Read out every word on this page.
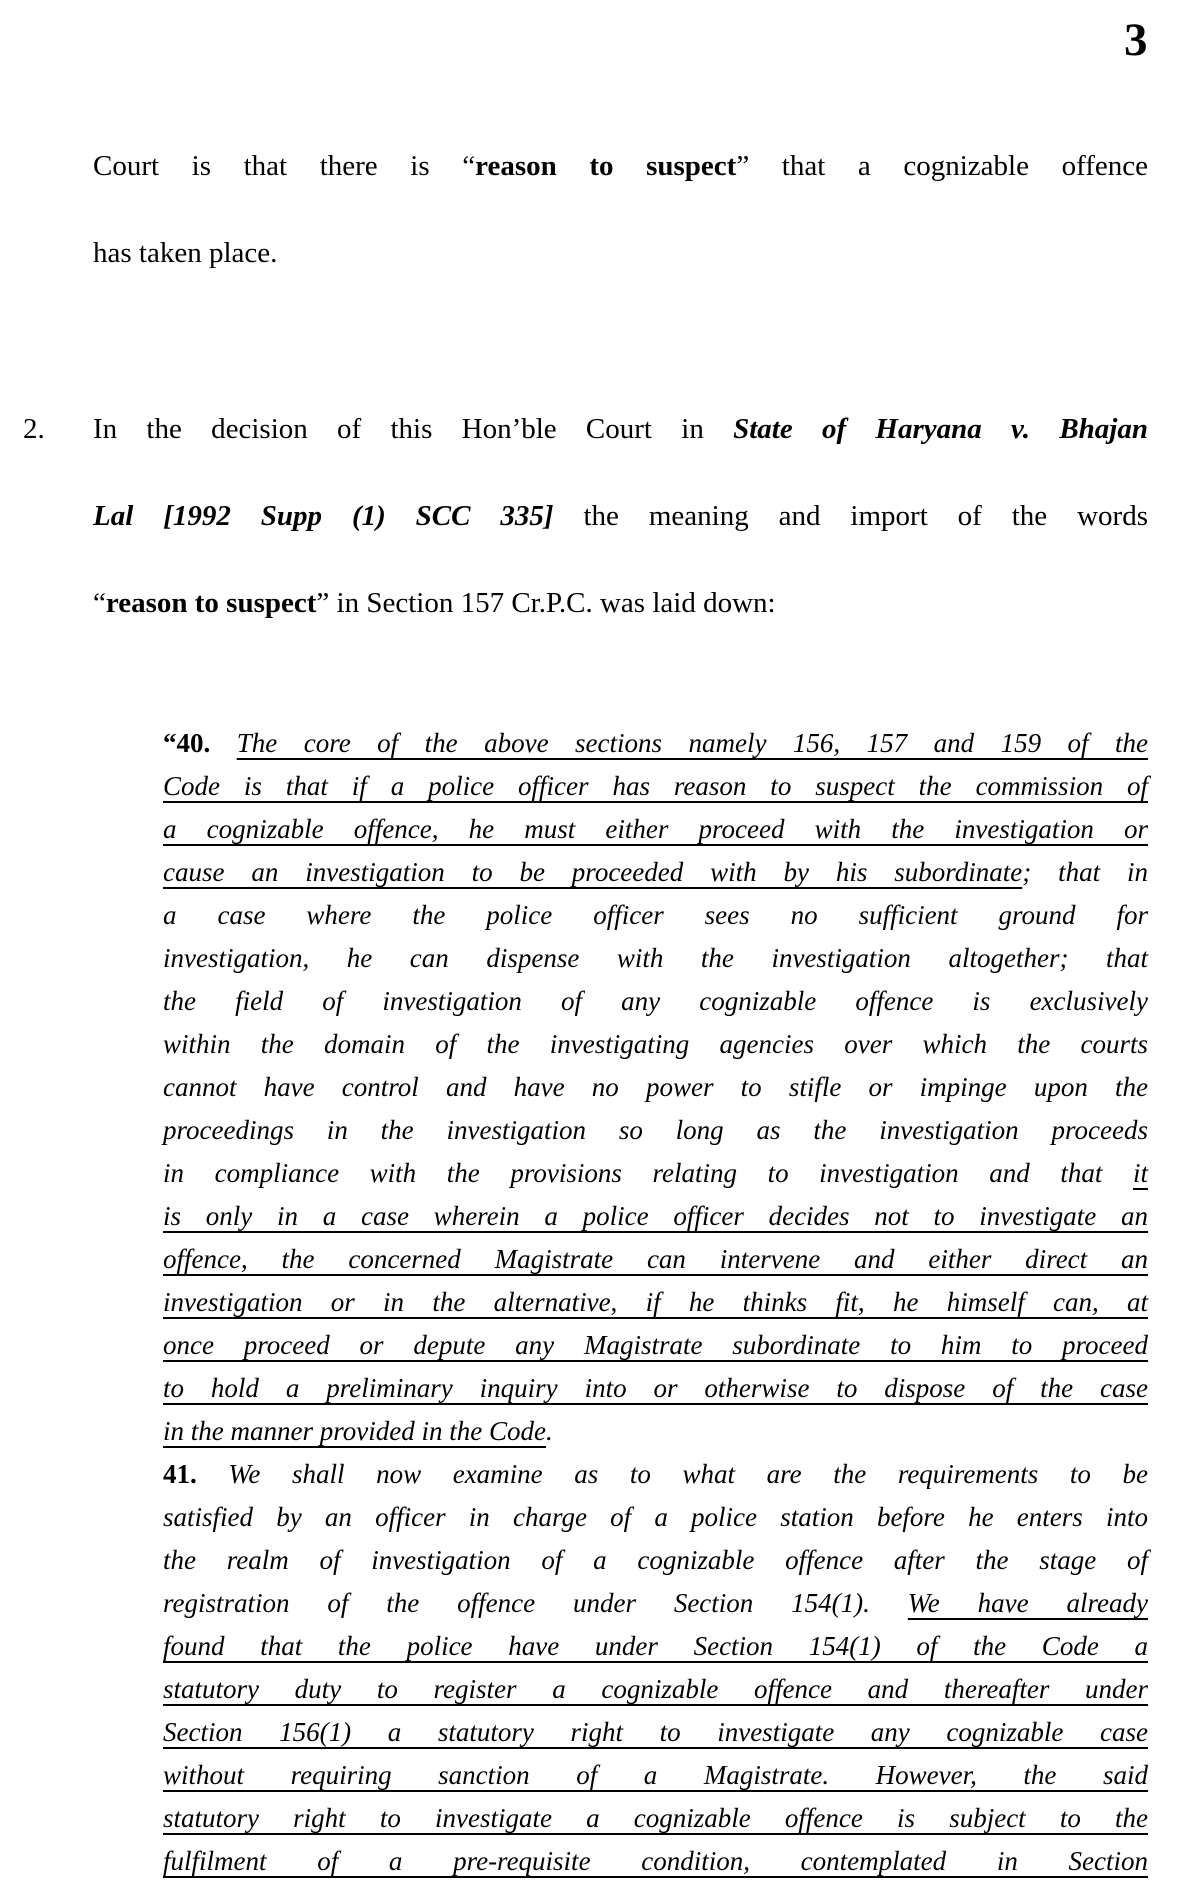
3
Court is that there is “reason to suspect” that a cognizable offence
has taken place.
2. In the decision of this Hon’ble Court in State of Haryana v. Bhajan
Lal [1992 Supp (1) SCC 335] the meaning and import of the words
“reason to suspect” in Section 157 Cr.P.C. was laid down:
“40. The core of the above sections namely 156, 157 and 159 of the
Code is that if a police officer has reason to suspect the commission of
a cognizable offence, he must either proceed with the investigation or
cause an investigation to be proceeded with by his subordinate; that in
a case where the police officer sees no sufficient ground for
investigation, he can dispense with the investigation altogether; that
the field of investigation of any cognizable offence is exclusively
within the domain of the investigating agencies over which the courts
cannot have control and have no power to stifle or impinge upon the
proceedings in the investigation so long as the investigation proceeds
in compliance with the provisions relating to investigation and that it
is only in a case wherein a police officer decides not to investigate an
offence, the concerned Magistrate can intervene and either direct an
investigation or in the alternative, if he thinks fit, he himself can, at
once proceed or depute any Magistrate subordinate to him to proceed
to hold a preliminary inquiry into or otherwise to dispose of the case
in the manner provided in the Code.
41. We shall now examine as to what are the requirements to be
satisfied by an officer in charge of a police station before he enters into
the realm of investigation of a cognizable offence after the stage of
registration of the offence under Section 154(1). We have already
found that the police have under Section 154(1) of the Code a
statutory duty to register a cognizable offence and thereafter under
Section 156(1) a statutory right to investigate any cognizable case
without requiring sanction of a Magistrate. However, the said
statutory right to investigate a cognizable offence is subject to the
fulfilment of a pre-requisite condition, contemplated in Section
